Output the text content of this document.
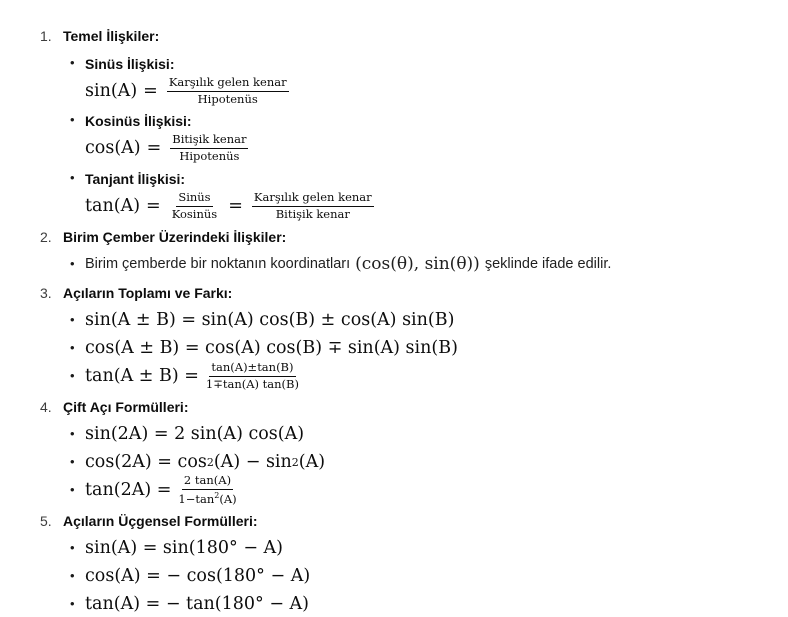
1. Temel İlişkiler:
• Sinüs İlişkisi:
$\sin(A) = \frac{\text{Karşılık gelen kenar}}{\text{Hipotenüs}}$
• Kosinüs İlişkisi:
$\cos(A) = \frac{\text{Bitişik kenar}}{\text{Hipotenüs}}$
• Tanjant İlişkisi:
$\tan(A) = \frac{\text{Sinüs}}{Kosinüs} = \frac{\text{Karşılık gelen kenar}}{\text{Bitişik kenar}}$
2. Birim Çember Üzerindeki İlişkiler:
• Birim çemberde bir noktanın koordinatları (cos(θ), sin(θ)) şeklinde ifade edilir.
3. Açıların Toplamı ve Farkı:
• sin(A ± B) = sin(A) cos(B) ± cos(A) sin(B)
• cos(A ± B) = cos(A) cos(B) ∓ sin(A) sin(B)
• $\tan(A \pm B) = \frac{\tan(A)\pm\tan(B)}{1\mp\tan(A) \tan(B)}$
4. Çift Açı Formülleri:
• sin(2A) = 2 sin(A) cos(A)
• cos(2A) = cos 2 (A) − sin 2 (A)
• $\tan(2A) = \frac{2 \tan(A)}{1-\tan^2(A)}$
5. Açıların Üçgensel Formülleri:
• sin(A) = sin(180° − A)
• cos(A) = − cos(180° − A)
• tan(A) = − tan(180° − A)
